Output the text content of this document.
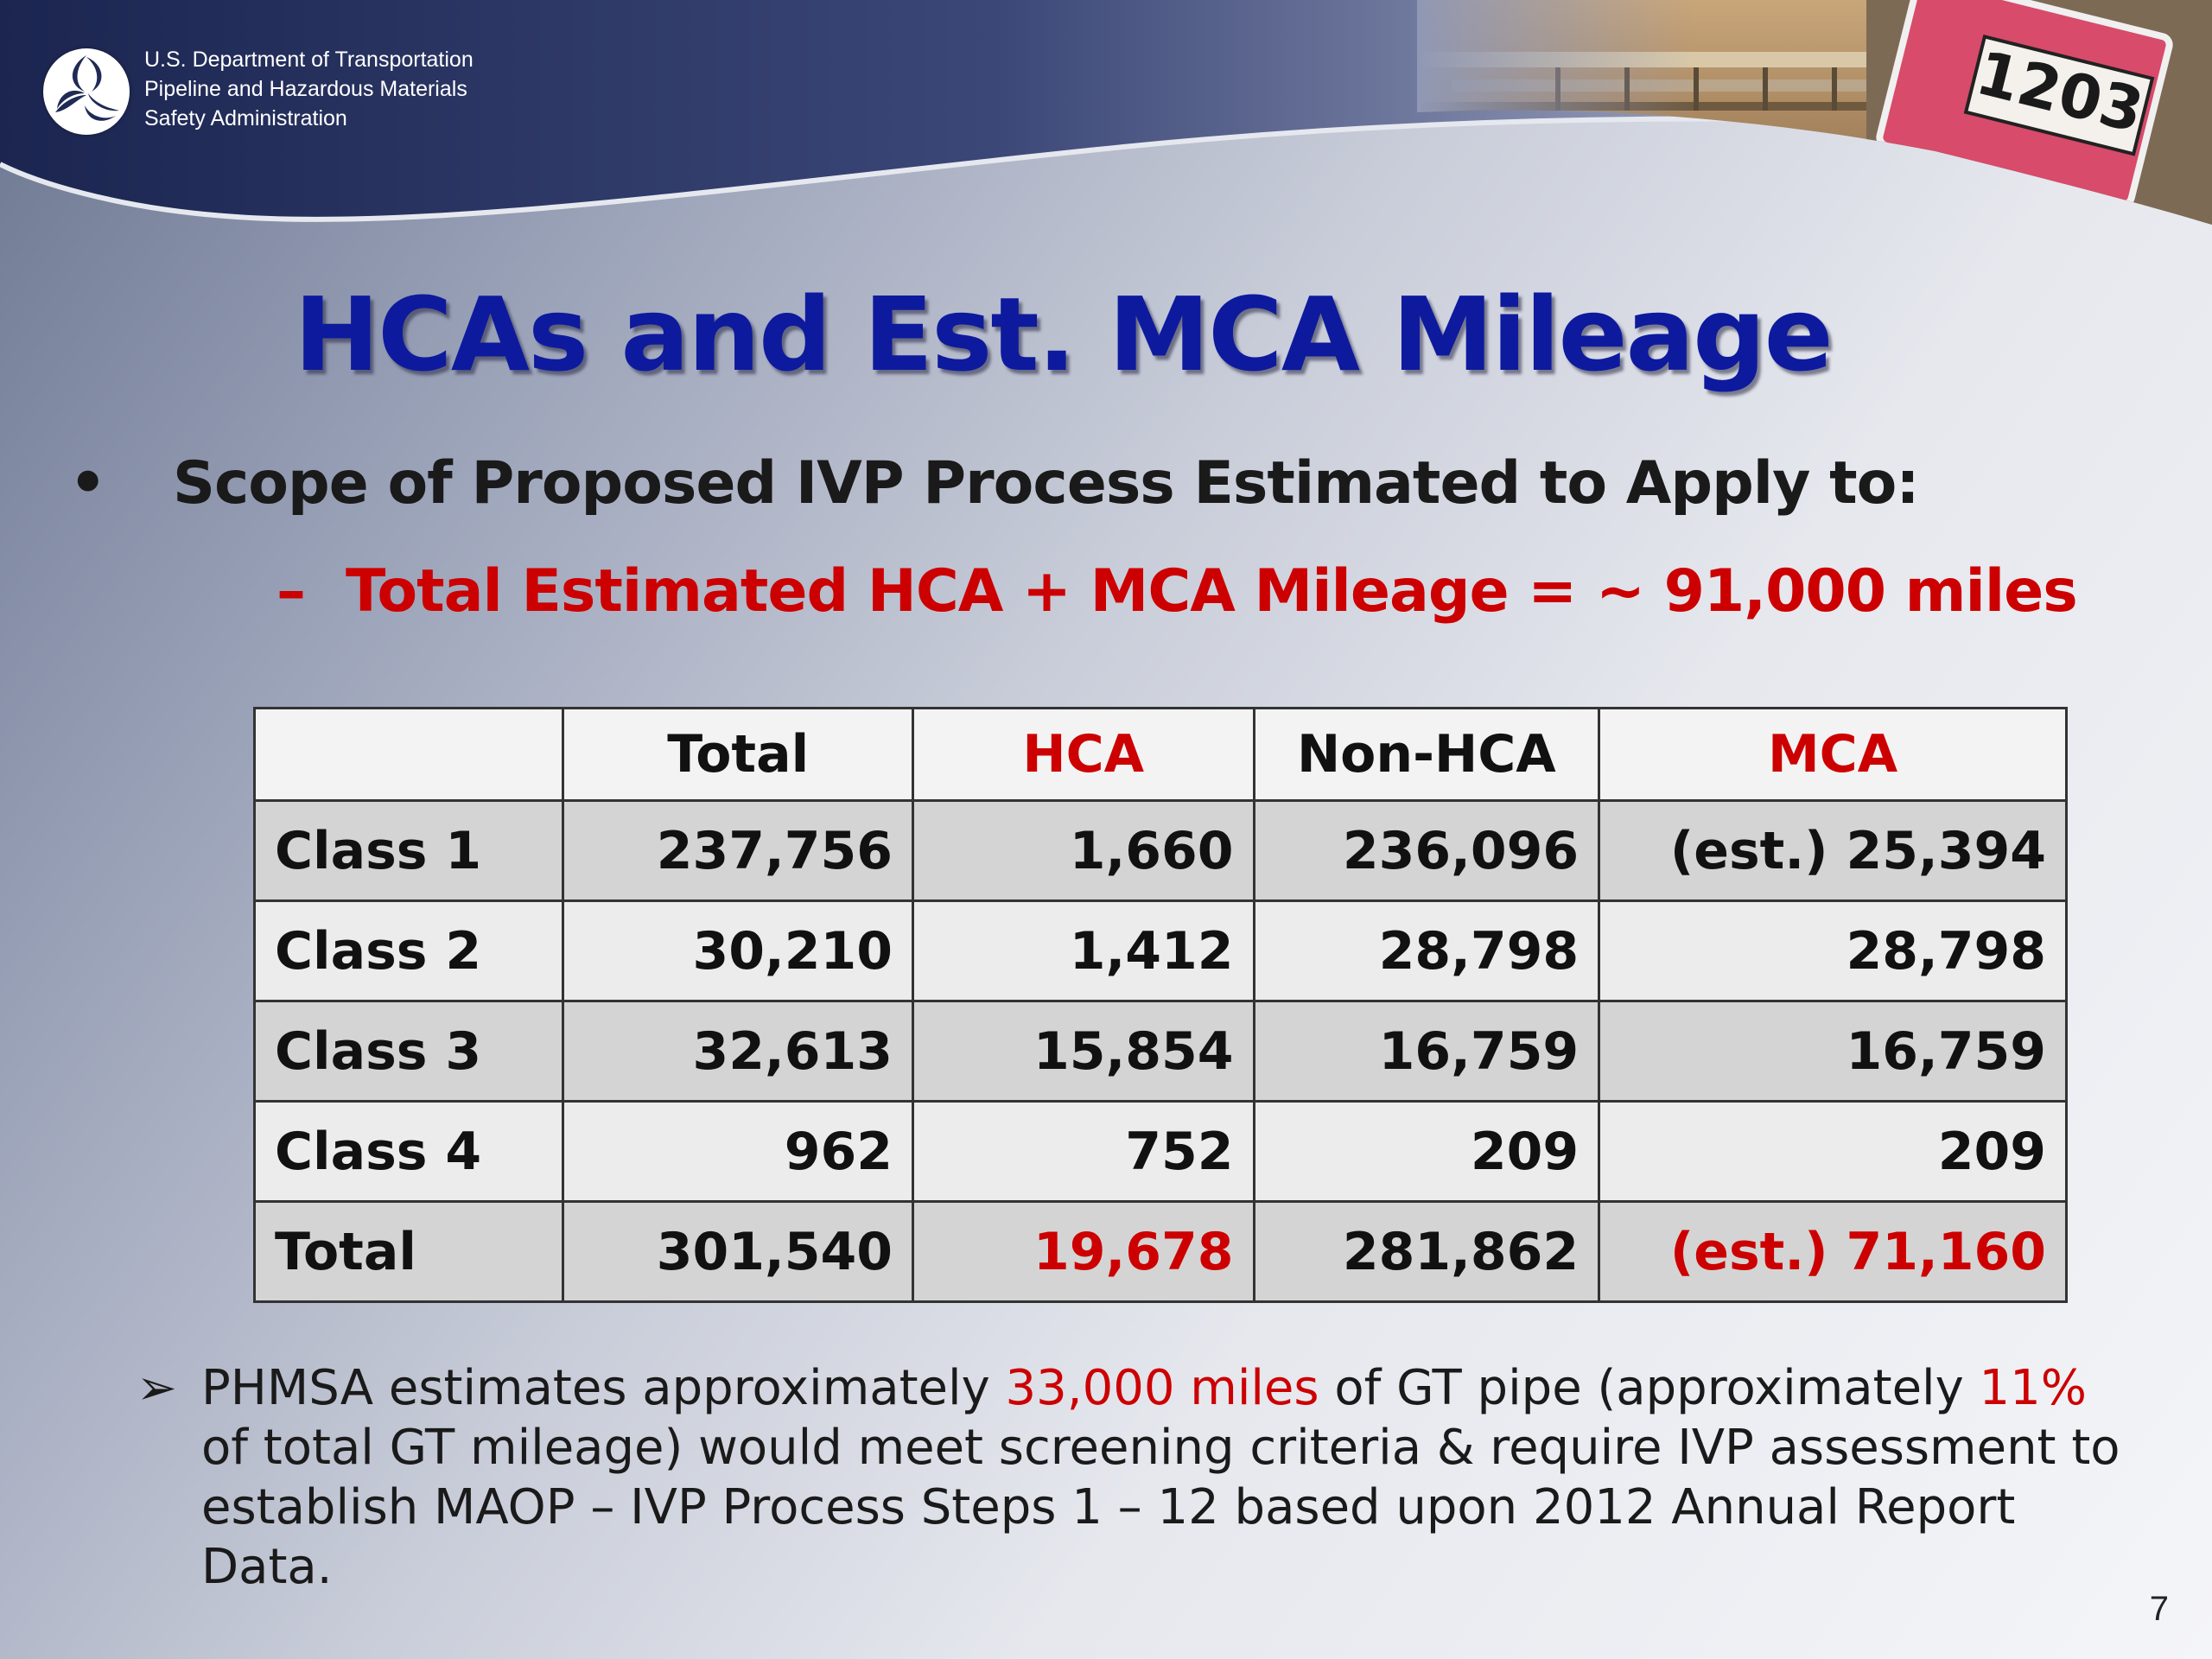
U.S. Department of Transportation
Pipeline and Hazardous Materials
Safety Administration
HCAs and Est. MCA Mileage
• Scope of Proposed IVP Process Estimated to Apply to:
– Total Estimated HCA + MCA Mileage = ~ 91,000 miles
	Total	HCA	Non-HCA	MCA
Class 1	237,756	1,660	236,096	(est.) 25,394
Class 2	30,210	1,412	28,798	28,798
Class 3	32,613	15,854	16,759	16,759
Class 4	962	752	209	209
Total	301,540	19,678	281,862	(est.) 71,160
➢ PHMSA estimates approximately 33,000 miles of GT pipe (approximately 11% of total GT mileage) would meet screening criteria & require IVP assessment to establish MAOP – IVP Process Steps 1 – 12 based upon 2012 Annual Report Data.
7
